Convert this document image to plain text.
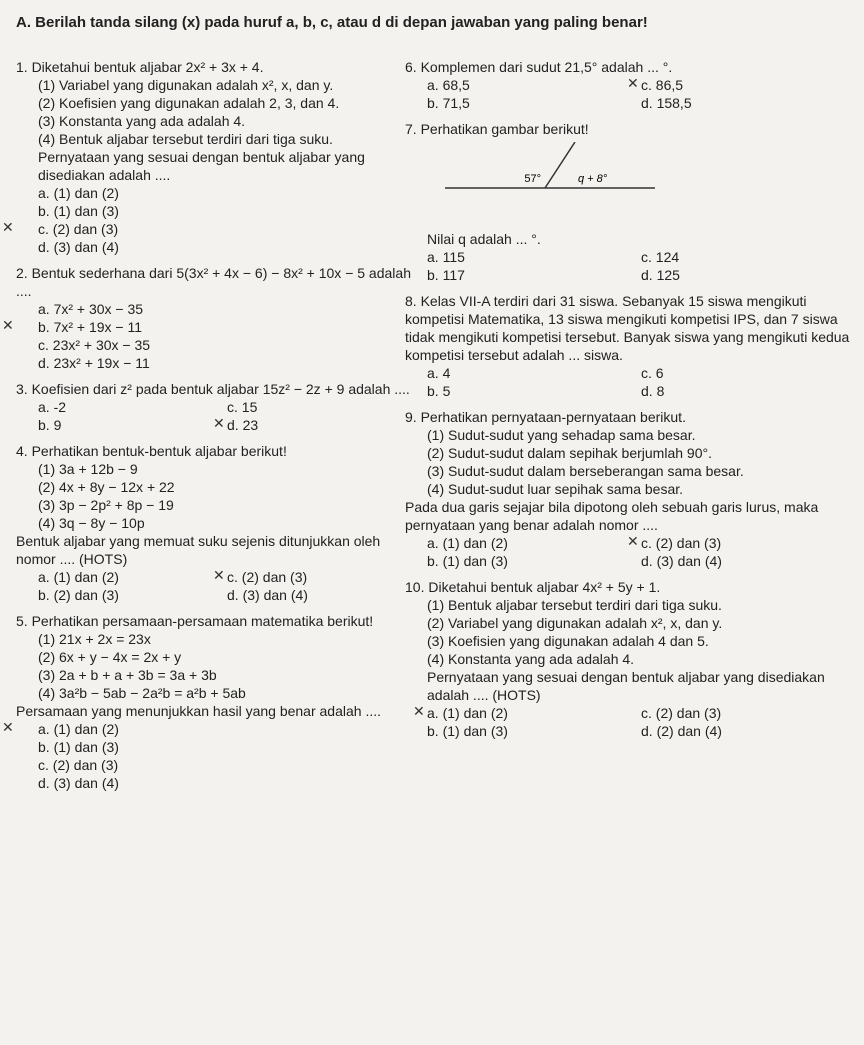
A. Berilah tanda silang (x) pada huruf a, b, c, atau d di depan jawaban yang paling benar!
1. Diketahui bentuk aljabar 2x² + 3x + 4.
(1) Variabel yang digunakan adalah x², x, dan y.
(2) Koefisien yang digunakan adalah 2, 3, dan 4.
(3) Konstanta yang ada adalah 4.
(4) Bentuk aljabar tersebut terdiri dari tiga suku.
Pernyataan yang sesuai dengan bentuk aljabar yang disediakan adalah ....
a. (1) dan (2)
b. (1) dan (3)
✕ c. (2) dan (3)
d. (3) dan (4)
2. Bentuk sederhana dari 5(3x² + 4x − 6) − 8x² + 10x − 5 adalah ....
a. 7x² + 30x − 35
✕ b. 7x² + 19x − 11
c. 23x² + 30x − 35
d. 23x² + 19x − 11
3. Koefisien dari z² pada bentuk aljabar 15z² − 2z + 9 adalah ....
a. -2	c. 15
b. 9	✕ d. 23
4. Perhatikan bentuk-bentuk aljabar berikut!
(1) 3a + 12b − 9
(2) 4x + 8y − 12x + 22
(3) 3p − 2p² + 8p − 19
(4) 3q − 8y − 10p
Bentuk aljabar yang memuat suku sejenis ditunjukkan oleh nomor .... (HOTS)
a. (1) dan (2)	✕ c. (2) dan (3)
b. (2) dan (3)	d. (3) dan (4)
5. Perhatikan persamaan-persamaan matematika berikut!
(1) 21x + 2x = 23x
(2) 6x + y − 4x = 2x + y
(3) 2a + b + a + 3b = 3a + 3b
(4) 3a²b − 5ab − 2a²b = a²b + 5ab
Persamaan yang menunjukkan hasil yang benar adalah ....
✕ a. (1) dan (2)
b. (1) dan (3)
c. (2) dan (3)
d. (3) dan (4)
6. Komplemen dari sudut 21,5° adalah ... °.
a. 68,5	✕ c. 86,5
b. 71,5	d. 158,5
7. Perhatikan gambar berikut!
57°	q + 8°
Nilai q adalah ... °.
a. 115	c. 124
b. 117	d. 125
8. Kelas VII-A terdiri dari 31 siswa. Sebanyak 15 siswa mengikuti kompetisi Matematika, 13 siswa mengikuti kompetisi IPS, dan 7 siswa tidak mengikuti kompetisi tersebut. Banyak siswa yang mengikuti kedua kompetisi tersebut adalah ... siswa.
a. 4	c. 6
b. 5	d. 8
9. Perhatikan pernyataan-pernyataan berikut.
(1) Sudut-sudut yang sehadap sama besar.
(2) Sudut-sudut dalam sepihak berjumlah 90°.
(3) Sudut-sudut dalam berseberangan sama besar.
(4) Sudut-sudut luar sepihak sama besar.
Pada dua garis sejajar bila dipotong oleh sebuah garis lurus, maka pernyataan yang benar adalah nomor ....
a. (1) dan (2)	✕ c. (2) dan (3)
b. (1) dan (3)	d. (3) dan (4)
10. Diketahui bentuk aljabar 4x² + 5y + 1.
(1) Bentuk aljabar tersebut terdiri dari tiga suku.
(2) Variabel yang digunakan adalah x², x, dan y.
(3) Koefisien yang digunakan adalah 4 dan 5.
(4) Konstanta yang ada adalah 4.
Pernyataan yang sesuai dengan bentuk aljabar yang disediakan adalah .... (HOTS)
✕ a. (1) dan (2)	c. (2) dan (3)
b. (1) dan (3)	d. (2) dan (4)
